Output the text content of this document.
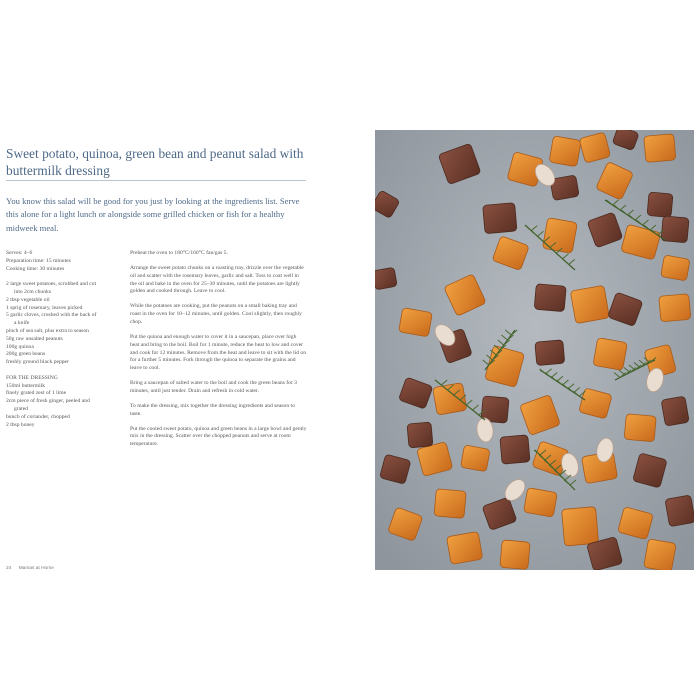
Sweet potato, quinoa, green bean and peanut salad with buttermilk dressing

You know this salad will be good for you just by looking at the ingredients list. Serve this alone for a light lunch or alongside some grilled chicken or fish for a healthy midweek meal.

Serves: 4–6
Preparation time: 15 minutes
Cooking time: 30 minutes
2 large sweet potatoes, scrubbed and cut
into 2cm chunks
2 tbsp vegetable oil
1 sprig of rosemary, leaves picked
5 garlic cloves, crushed with the back of
a knife
pinch of sea salt, plus extra to season
50g raw unsalted peanuts
100g quinoa
200g green beans
freshly ground black pepper
FOR THE DRESSING
150ml buttermilk
finely grated zest of 1 lime
2cm piece of fresh ginger, peeled and
grated
bunch of coriander, chopped
2 tbsp honey
Preheat the oven to 180°C/160°C fan/gas 5.
Arrange the sweet potato chunks on a roasting tray, drizzle over the vegetable oil and scatter with the rosemary leaves, garlic and salt. Toss to coat well in the oil and bake in the oven for 25–30 minutes, until the potatoes are lightly golden and cooked through. Leave to cool.
While the potatoes are cooking, put the peanuts on a small baking tray and roast in the oven for 10–12 minutes, until golden. Cool slightly, then roughly chop.
Put the quinoa and enough water to cover it in a saucepan, place over high heat and bring to the boil. Boil for 1 minute, reduce the heat to low and cover and cook for 12 minutes. Remove from the heat and leave to sit with the lid on for a further 5 minutes. Fork through the quinoa to separate the grains and leave to cool.
Bring a saucepan of salted water to the boil and cook the green beans for 3 minutes, until just tender. Drain and refresh in cold water.
To make the dressing, mix together the dressing ingredients and season to taste.
Put the cooled sweet potato, quinoa and green beans in a large bowl and gently mix in the dressing. Scatter over the chopped peanuts and serve at room temperature.
24 Mamas at Home
